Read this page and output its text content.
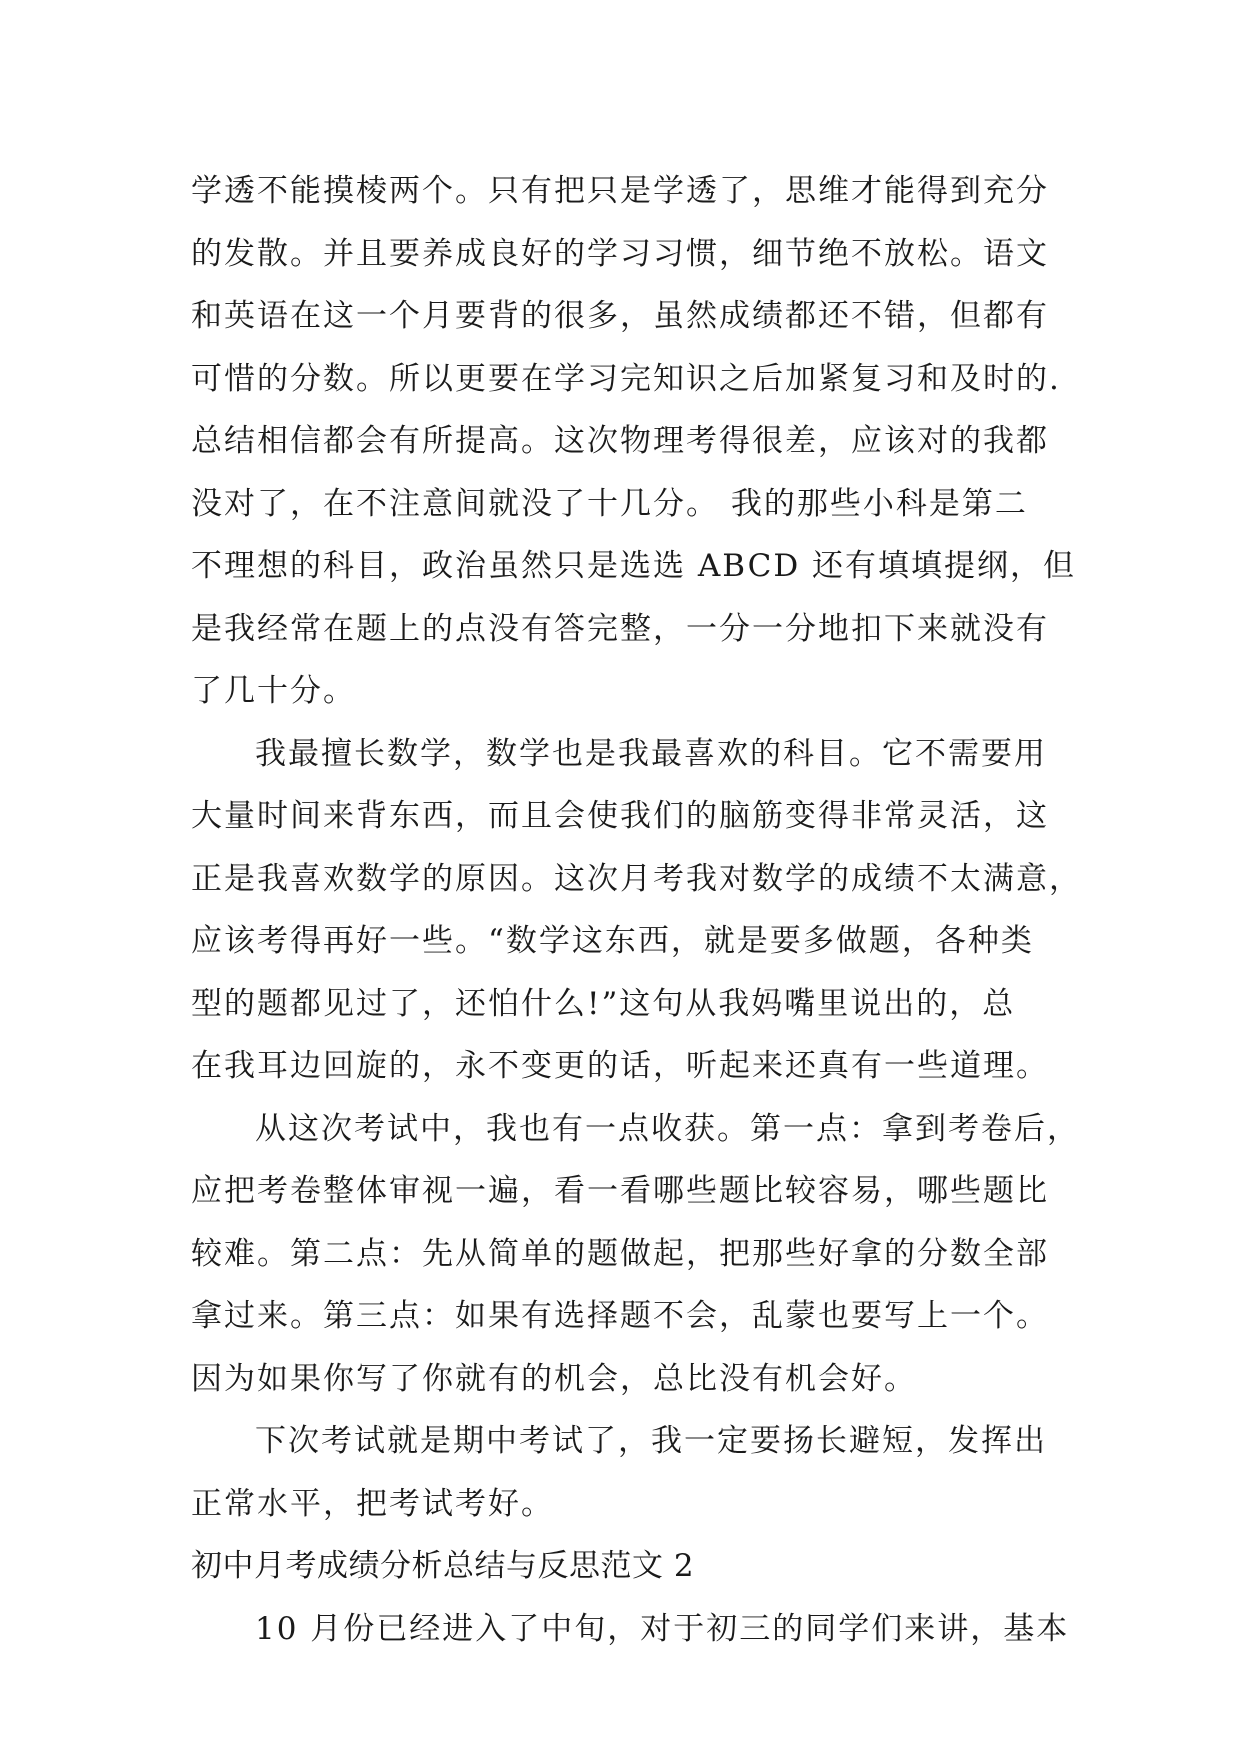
学透不能摸棱两个。只有把只是学透了，思维才能得到充分
的发散。并且要养成良好的学习习惯，细节绝不放松。语文
和英语在这一个月要背的很多，虽然成绩都还不错，但都有
可惜的分数。所以更要在学习完知识之后加紧复习和及时的.
总结相信都会有所提高。这次物理考得很差，应该对的我都
没对了，在不注意间就没了十几分。 我的那些小科是第二
不理想的科目，政治虽然只是选选 ABCD 还有填填提纲，但
是我经常在题上的点没有答完整，一分一分地扣下来就没有
了几十分。
我最擅长数学，数学也是我最喜欢的科目。它不需要用
大量时间来背东西，而且会使我们的脑筋变得非常灵活，这
正是我喜欢数学的原因。这次月考我对数学的成绩不太满意，
应该考得再好一些。“数学这东西，就是要多做题，各种类
型的题都见过了，还怕什么!”这句从我妈嘴里说出的，总
在我耳边回旋的，永不变更的话，听起来还真有一些道理。
从这次考试中，我也有一点收获。第一点：拿到考卷后，
应把考卷整体审视一遍，看一看哪些题比较容易，哪些题比
较难。第二点：先从简单的题做起，把那些好拿的分数全部
拿过来。第三点：如果有选择题不会，乱蒙也要写上一个。
因为如果你写了你就有的机会，总比没有机会好。
下次考试就是期中考试了，我一定要扬长避短，发挥出
正常水平，把考试考好。
初中月考成绩分析总结与反思范文 2
10 月份已经进入了中旬，对于初三的同学们来讲，基本
